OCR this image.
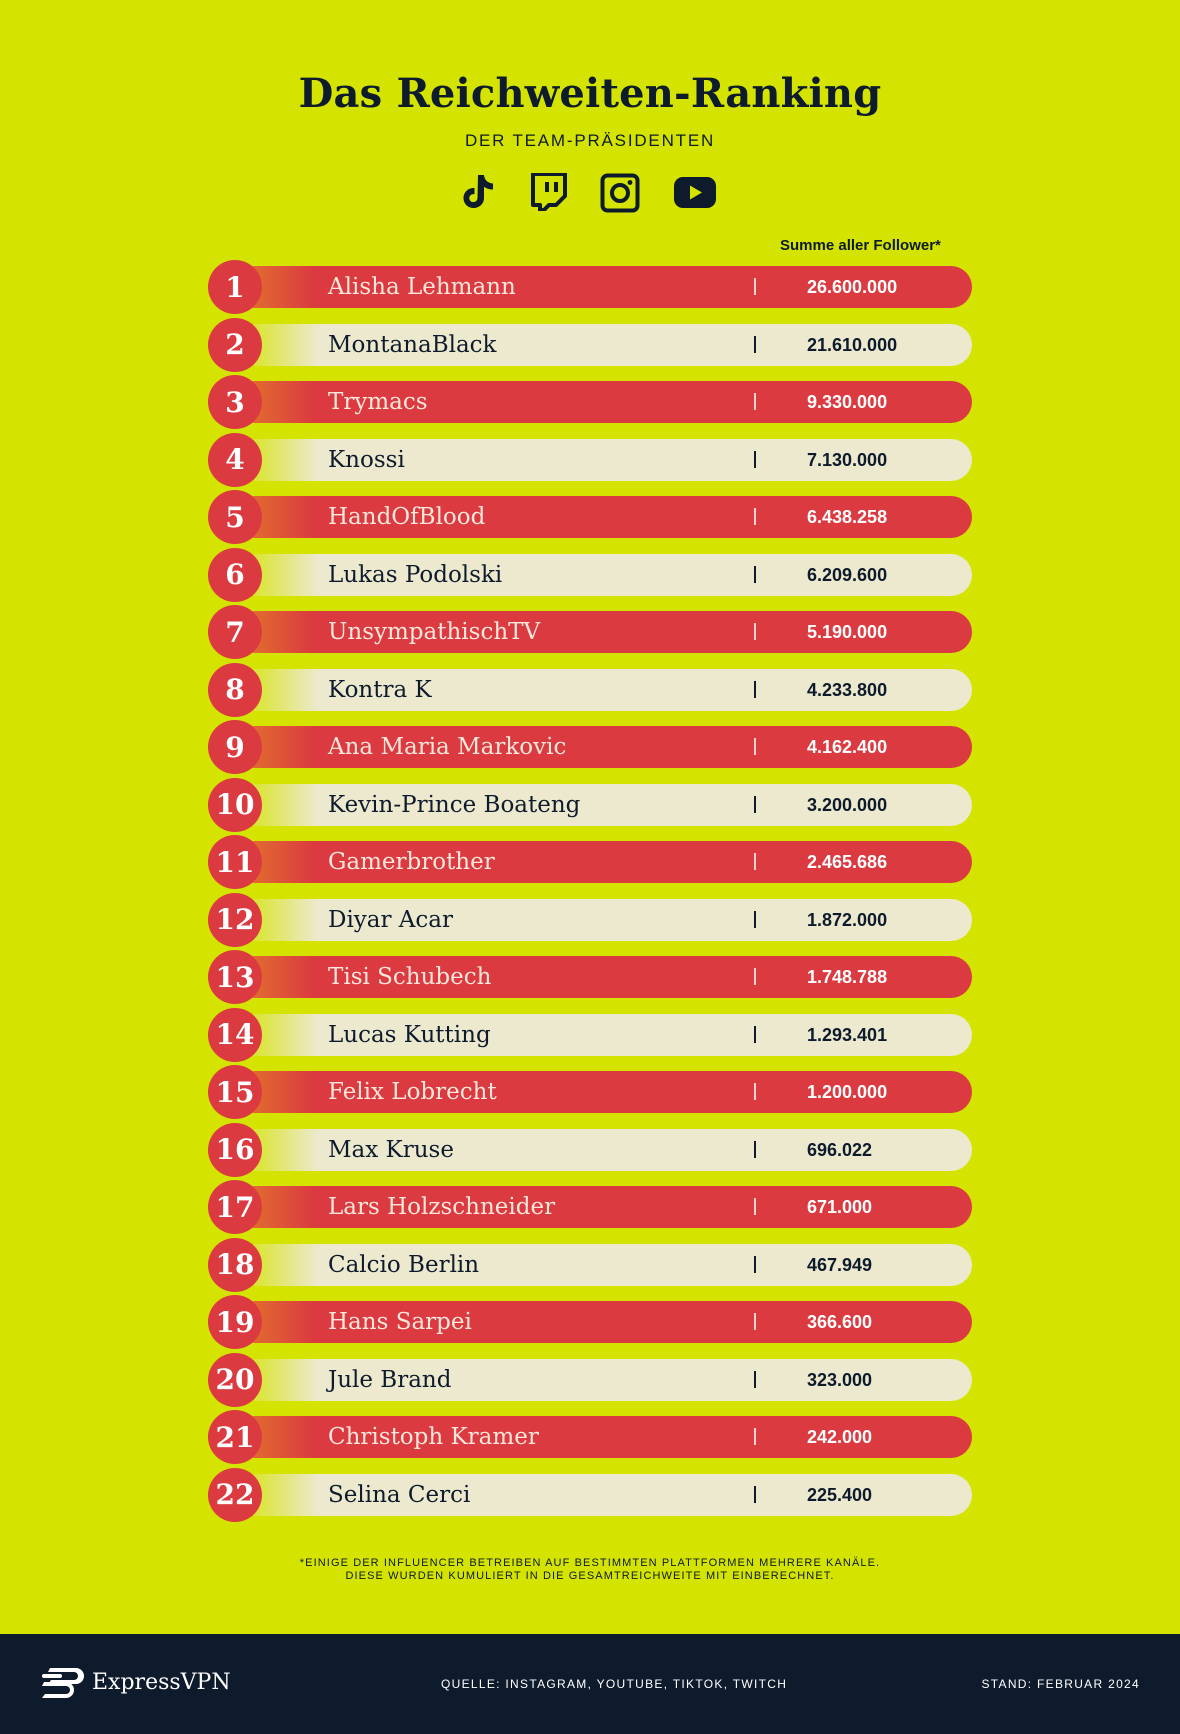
Das Reichweiten-Ranking
DER TEAM-PRÄSIDENTEN
Summe aller Follower*
1	Alisha Lehmann	26.600.000
2	MontanaBlack	21.610.000
3	Trymacs	9.330.000
4	Knossi	7.130.000
5	HandOfBlood	6.438.258
6	Lukas Podolski	6.209.600
7	UnsympathischTV	5.190.000
8	Kontra K	4.233.800
9	Ana Maria Markovic	4.162.400
10	Kevin-Prince Boateng	3.200.000
11	Gamerbrother	2.465.686
12	Diyar Acar	1.872.000
13	Tisi Schubech	1.748.788
14	Lucas Kutting	1.293.401
15	Felix Lobrecht	1.200.000
16	Max Kruse	696.022
17	Lars Holzschneider	671.000
18	Calcio Berlin	467.949
19	Hans Sarpei	366.600
20	Jule Brand	323.000
21	Christoph Kramer	242.000
22	Selina Cerci	225.400
*EINIGE DER INFLUENCER BETREIBEN AUF BESTIMMTEN PLATTFORMEN MEHRERE KANÄLE.
DIESE WURDEN KUMULIERT IN DIE GESAMTREICHWEITE MIT EINBERECHNET.
ExpressVPN	QUELLE: INSTAGRAM, YOUTUBE, TIKTOK, TWITCH	STAND: FEBRUAR 2024
